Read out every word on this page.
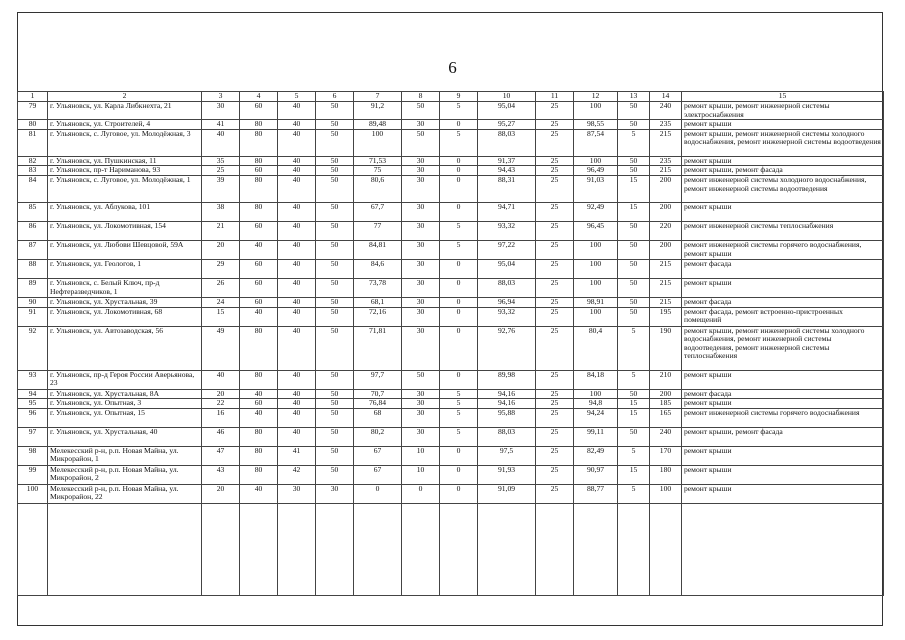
6
1	2	3	4	5	6	7	8	9	10	11	12	13	14	15
79	г. Ульяновск, ул. Карла Либкнехта, 21	30	60	40	50	91,2	50	5	95,04	25	100	50	240	ремонт крыши, ремонт инженерной системы электроснабжения
80	г. Ульяновск, ул. Строителей, 4	41	80	40	50	89,48	30	0	95,27	25	98,55	50	235	ремонт крыши
81	г. Ульяновск, с. Луговое, ул. Молодёжная, 3	40	80	40	50	100	50	5	88,03	25	87,54	5	215	ремонт крыши, ремонт инженерной системы холодного водоснабжения, ремонт инженерной системы водоотведения
82	г. Ульяновск, ул. Пушкинская, 11	35	80	40	50	71,53	30	0	91,37	25	100	50	235	ремонт крыши
83	г. Ульяновск, пр-т Нариманова, 93	25	60	40	50	75	30	0	94,43	25	96,49	50	215	ремонт крыши, ремонт фасада
84	г. Ульяновск, с. Луговое, ул. Молодёжная, 1	39	80	40	50	80,6	30	0	88,31	25	91,03	15	200	ремонт инженерной системы холодного водоснабжения, ремонт инженерной системы водоотведения
85	г. Ульяновск, ул. Аблукова, 101	38	80	40	50	67,7	30	0	94,71	25	92,49	15	200	ремонт крыши
86	г. Ульяновск, ул. Локомотивная, 154	21	60	40	50	77	30	5	93,32	25	96,45	50	220	ремонт инженерной системы теплоснабжения
87	г. Ульяновск, ул. Любови Шевцовой, 59А	20	40	40	50	84,81	30	5	97,22	25	100	50	200	ремонт инженерной системы горячего водоснабжения, ремонт крыши
88	г. Ульяновск, ул. Геологов, 1	29	60	40	50	84,6	30	0	95,04	25	100	50	215	ремонт фасада
89	г. Ульяновск, с. Белый Ключ, пр-д Нефтеразведчиков, 1	26	60	40	50	73,78	30	0	88,03	25	100	50	215	ремонт крыши
90	г. Ульяновск, ул. Хрустальная, 39	24	60	40	50	68,1	30	0	96,94	25	98,91	50	215	ремонт фасада
91	г. Ульяновск, ул. Локомотивная, 68	15	40	40	50	72,16	30	0	93,32	25	100	50	195	ремонт фасада, ремонт встроенно-пристроенных помещений
92	г. Ульяновск, ул. Автозаводская, 56	49	80	40	50	71,81	30	0	92,76	25	80,4	5	190	ремонт крыши, ремонт инженерной системы холодного водоснабжения, ремонт инженерной системы водоотведения, ремонт инженерной системы теплоснабжения
93	г. Ульяновск, пр-д Героя России Аверьянова, 23	40	80	40	50	97,7	50	0	89,98	25	84,18	5	210	ремонт крыши
94	г. Ульяновск, ул. Хрустальная, 8А	20	40	40	50	70,7	30	5	94,16	25	100	50	200	ремонт фасада
95	г. Ульяновск, ул. Опытная, 3	22	60	40	50	76,84	30	5	94,16	25	94,8	15	185	ремонт крыши
96	г. Ульяновск, ул. Опытная, 15	16	40	40	50	68	30	5	95,88	25	94,24	15	165	ремонт инженерной системы горячего водоснабжения
97	г. Ульяновск, ул. Хрустальная, 40	46	80	40	50	80,2	30	5	88,03	25	99,11	50	240	ремонт крыши, ремонт фасада
98	Мелекесский р-н, р.п. Новая Майна, ул. Микрорайон, 1	47	80	41	50	67	10	0	97,5	25	82,49	5	170	ремонт крыши
99	Мелекесский р-н, р.п. Новая Майна, ул. Микрорайон, 2	43	80	42	50	67	10	0	91,93	25	90,97	15	180	ремонт крыши
100	Мелекесский р-н, р.п. Новая Майна, ул. Микрорайон, 22	20	40	30	30	0	0	0	91,09	25	88,77	5	100	ремонт крыши
